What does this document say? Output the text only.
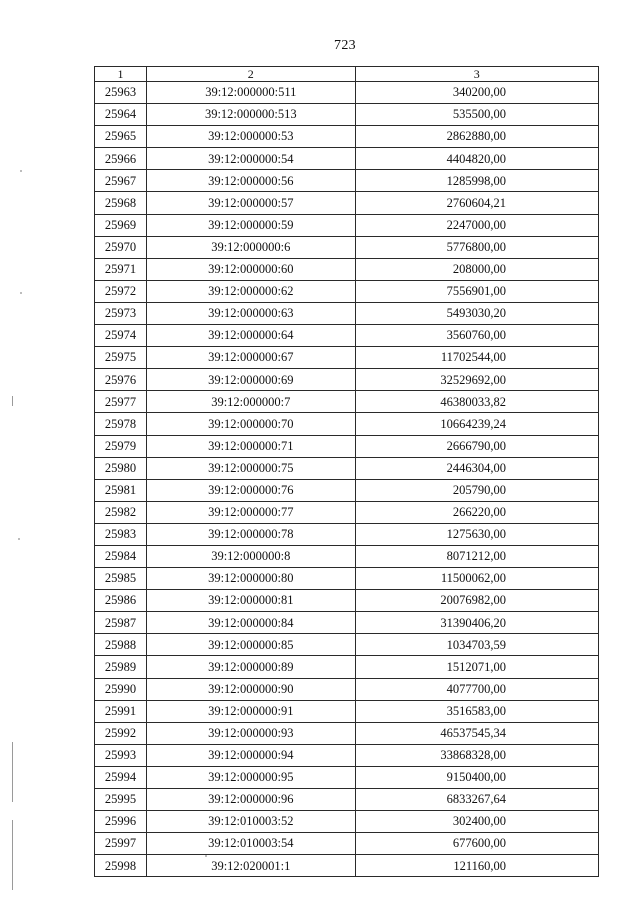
723
1	2	3
25963	39:12:000000:511	340200,00
25964	39:12:000000:513	535500,00
25965	39:12:000000:53	2862880,00
25966	39:12:000000:54	4404820,00
25967	39:12:000000:56	1285998,00
25968	39:12:000000:57	2760604,21
25969	39:12:000000:59	2247000,00
25970	39:12:000000:6	5776800,00
25971	39:12:000000:60	208000,00
25972	39:12:000000:62	7556901,00
25973	39:12:000000:63	5493030,20
25974	39:12:000000:64	3560760,00
25975	39:12:000000:67	11702544,00
25976	39:12:000000:69	32529692,00
25977	39:12:000000:7	46380033,82
25978	39:12:000000:70	10664239,24
25979	39:12:000000:71	2666790,00
25980	39:12:000000:75	2446304,00
25981	39:12:000000:76	205790,00
25982	39:12:000000:77	266220,00
25983	39:12:000000:78	1275630,00
25984	39:12:000000:8	8071212,00
25985	39:12:000000:80	11500062,00
25986	39:12:000000:81	20076982,00
25987	39:12:000000:84	31390406,20
25988	39:12:000000:85	1034703,59
25989	39:12:000000:89	1512071,00
25990	39:12:000000:90	4077700,00
25991	39:12:000000:91	3516583,00
25992	39:12:000000:93	46537545,34
25993	39:12:000000:94	33868328,00
25994	39:12:000000:95	9150400,00
25995	39:12:000000:96	6833267,64
25996	39:12:010003:52	302400,00
25997	39:12:010003:54	677600,00
25998	39:12:020001:1	121160,00
